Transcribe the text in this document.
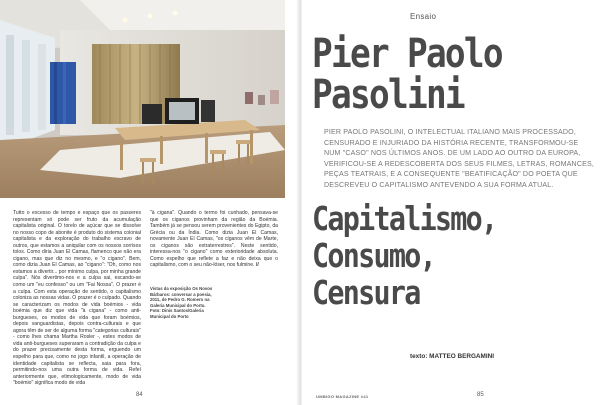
Tutto o excesso de tempo e espaço que os passeres representam só pode ser fruto da acumulação capitalista original. O torelo de açúcar que se dissolve no nosso copo de abonite é produto do sistema colonial capitalista e da exploração do trabalho escravo de outros, que estamos a aniquilar com os nossos sorrisos tolos. Como diria Juan El Camas, flamenco que não era cigano, mas que diz no mesmo, e "o cigano". Bem, como dizia Juan El Camas, ao "cigano": "Oh, como nos estamos a divertir... por mínimo culpa, por minha grande culpa". Nós divertimo-nos e a culpa sai, escando-se como um "eu confesso" ou um "Fai Nossa". O prazer é a culpa. Com esta operação de sentido, o capitalismo coloniza as nossas vidas. O prazer é o culpado. Quando se caracterizam os modos de vida boémios - vida boémia que diz que vida "à cigana" - como anti-burgueses, os modos de vida que foram boémios, depois vanguardistas, depois contra-culturais e que agora têm de ser de alguma forma "categorias culturais" - como lhes chama Martha Rosler -, estes modos de vida anti-burgueses superaram a contradição da culpa e do prazer precisamente desta forma, erguendo um espelho para que, como no jogo infantil, a operação de identidade capitalista se reflecta, saia para fora, permitindo-nos uma outra forma de vida. Refeí anteriormente que, etimologicamente, modo de vida "boémio" significa modo de vida

"à cigana". Quando o termo foi cunhado, pensava-se que os ciganos provinham da região da Boémia. Também já se pensou serem provenientes do Egipto, da Grécia ou da Índia. Como dizia Juan El Camas, novamente Juan El Camas, "os ciganos vêm de Marte, os ciganos são extraterrestres". Neste sentido, interessa-nos "o cigano" como exterioridade absoluta. Como espelho que reflete a faz e não deixa que o capitalismo, com o seu não-lóser, nos fulmine. //

Vistas da exposição Os Novos Bárbaros: conversar a poesia, 2011, de Pedro G. Romero na Galeria Municipal do Porto. Foto: Dinis Santos/Galeria Municipal do Porto

84
Ensaio
Pier Paolo
Pasolini

PIER PAOLO PASOLINI, O INTELECTUAL ITALIANO MAIS PROCESSADO, CENSURADO E INJURIADO DA HISTÓRIA RECENTE, TRANSFORMOU-SE NUM "CASO" NOS ÚLTIMOS ANOS. DE UM LADO AO OUTRO DA EUROPA, VERIFICOU-SE A REDESCOBERTA DOS SEUS FILMES, LETRAS, ROMANCES, PEÇAS TEATRAIS, E A CONSEQUENTE "BEATIFICAÇÃO" DO POETA QUE DESCREVEU O CAPITALISMO ANTEVENDO A SUA FORMA ATUAL.

Capitalismo,
Consumo,
Censura
texto: MATTEO BERGAMINI
UMBIGO MAGAZINE #41	85
